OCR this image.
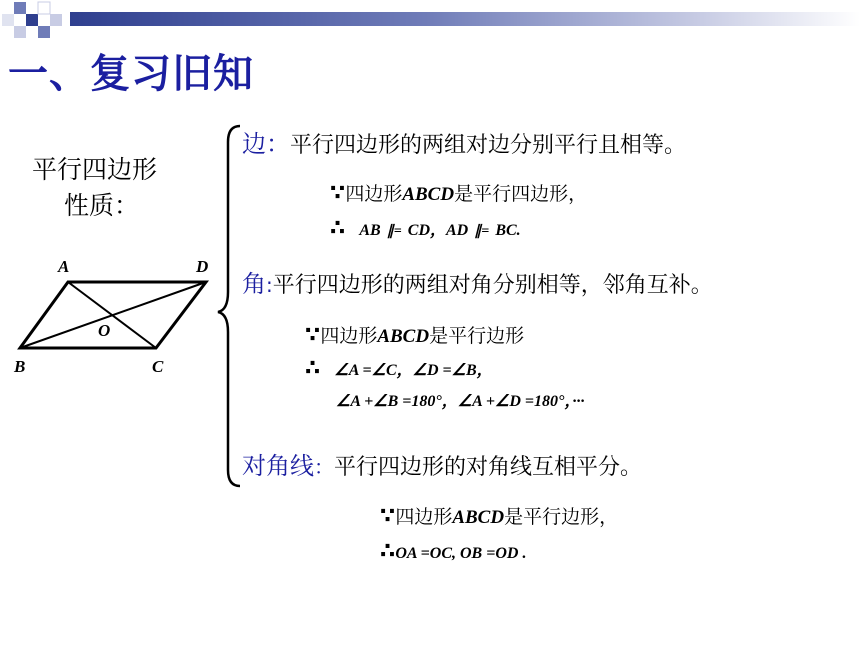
一、复习旧知
平行四边形
性质：
A	D
O
B	C
边：平行四边形的两组对边分别平行且相等。
∵四边形ABCD是平行四边形，
∴ AB ∥= CD，AD ∥= BC.
角:平行四边形的两组对角分别相等，邻角互补。
∵四边形ABCD是平行边形
∴ ∠A =∠C，∠D =∠B，
∠A +∠B =180°，∠A +∠D =180°，···
对角线：平行四边形的对角线互相平分。
∵四边形ABCD是平行边形，
∴OA =OC, OB =OD .
